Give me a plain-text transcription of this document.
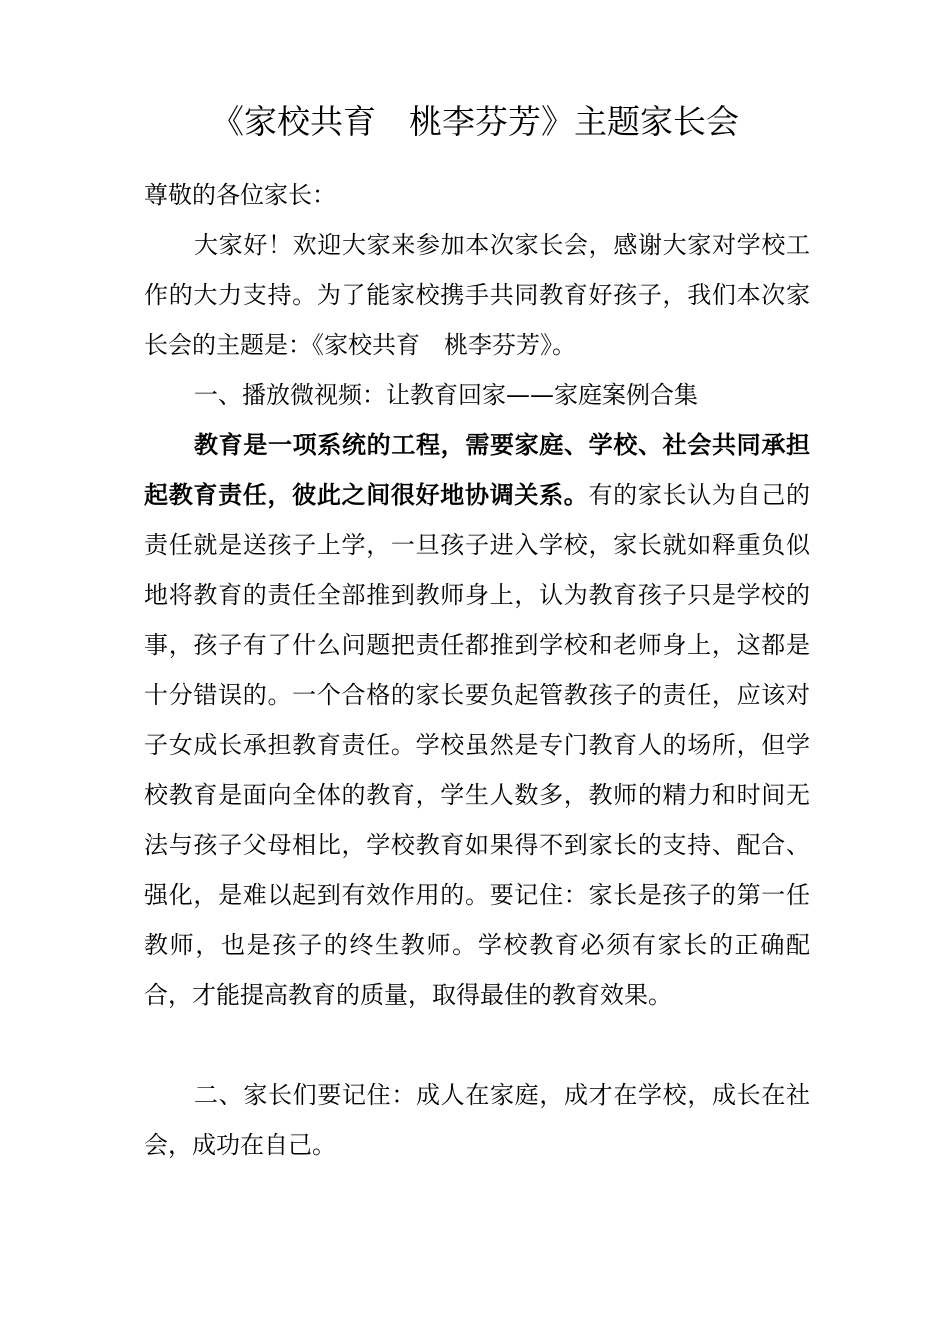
《家校共育　桃李芬芳》主题家长会

尊敬的各位家长：

大家好！欢迎大家来参加本次家长会，感谢大家对学校工作的大力支持。为了能家校携手共同教育好孩子，我们本次家长会的主题是：《家校共育　桃李芬芳》。

一、播放微视频：让教育回家——家庭案例合集

教育是一项系统的工程，需要家庭、学校、社会共同承担起教育责任，彼此之间很好地协调关系。有的家长认为自己的责任就是送孩子上学，一旦孩子进入学校，家长就如释重负似地将教育的责任全部推到教师身上，认为教育孩子只是学校的事，孩子有了什么问题把责任都推到学校和老师身上，这都是十分错误的。一个合格的家长要负起管教孩子的责任，应该对子女成长承担教育责任。学校虽然是专门教育人的场所，但学校教育是面向全体的教育，学生人数多，教师的精力和时间无法与孩子父母相比，学校教育如果得不到家长的支持、配合、强化，是难以起到有效作用的。要记住：家长是孩子的第一任教师，也是孩子的终生教师。学校教育必须有家长的正确配合，才能提高教育的质量，取得最佳的教育效果。

二、家长们要记住：成人在家庭，成才在学校，成长在社会，成功在自己。
